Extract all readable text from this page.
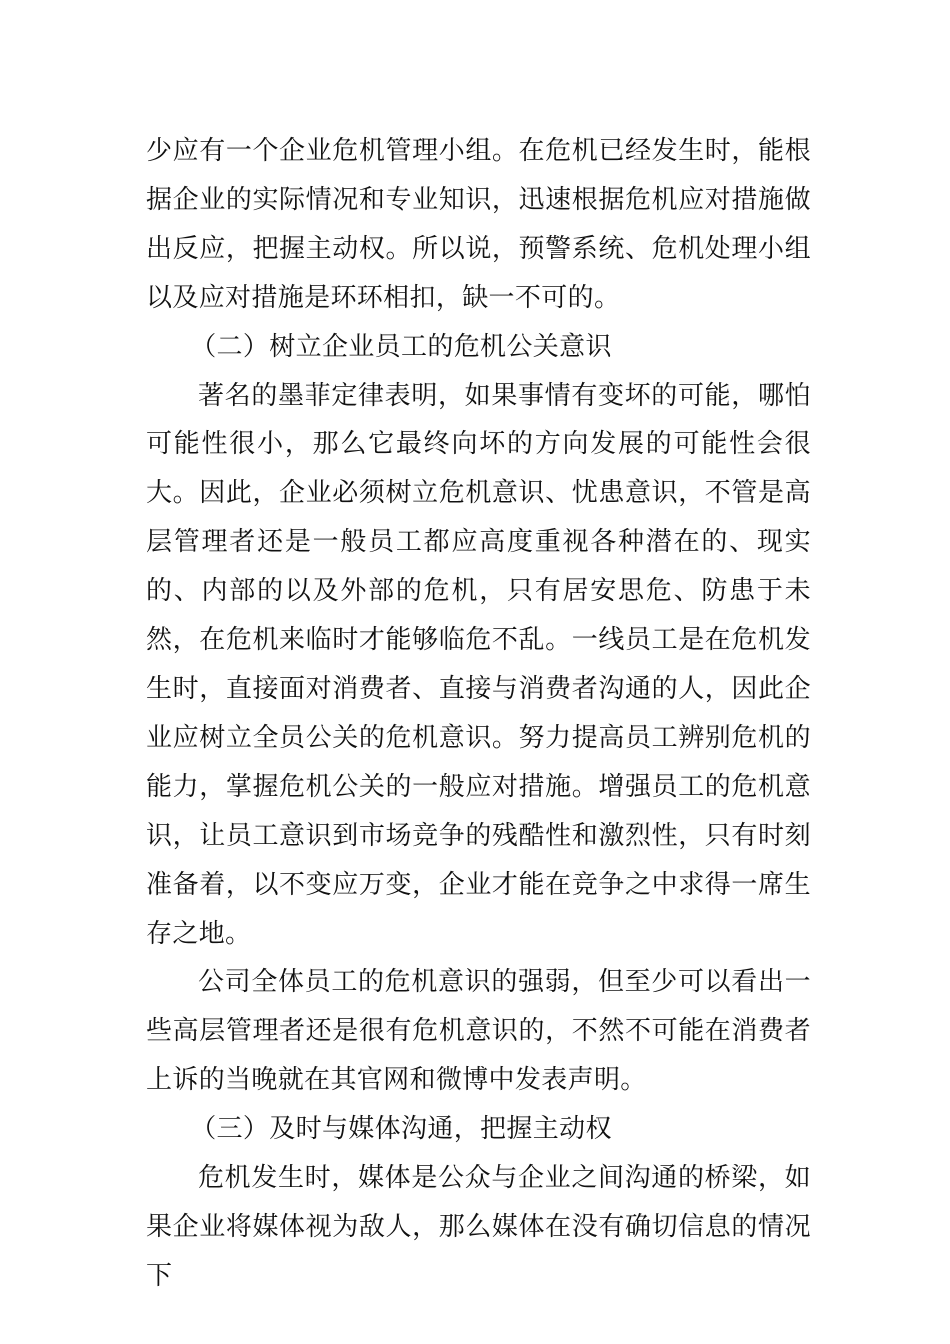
少应有一个企业危机管理小组。在危机已经发生时，能根据企业的实际情况和专业知识，迅速根据危机应对措施做出反应，把握主动权。所以说，预警系统、危机处理小组以及应对措施是环环相扣，缺一不可的。

（二）树立企业员工的危机公关意识

著名的墨菲定律表明，如果事情有变坏的可能，哪怕可能性很小，那么它最终向坏的方向发展的可能性会很大。因此，企业必须树立危机意识、忧患意识，不管是高层管理者还是一般员工都应高度重视各种潜在的、现实的、内部的以及外部的危机，只有居安思危、防患于未然，在危机来临时才能够临危不乱。一线员工是在危机发生时，直接面对消费者、直接与消费者沟通的人，因此企业应树立全员公关的危机意识。努力提高员工辨别危机的能力，掌握危机公关的一般应对措施。增强员工的危机意识，让员工意识到市场竞争的残酷性和激烈性，只有时刻准备着，以不变应万变，企业才能在竞争之中求得一席生存之地。

公司全体员工的危机意识的强弱，但至少可以看出一些高层管理者还是很有危机意识的，不然不可能在消费者上诉的当晚就在其官网和微博中发表声明。

（三）及时与媒体沟通，把握主动权

危机发生时，媒体是公众与企业之间沟通的桥梁，如果企业将媒体视为敌人，那么媒体在没有确切信息的情况下
